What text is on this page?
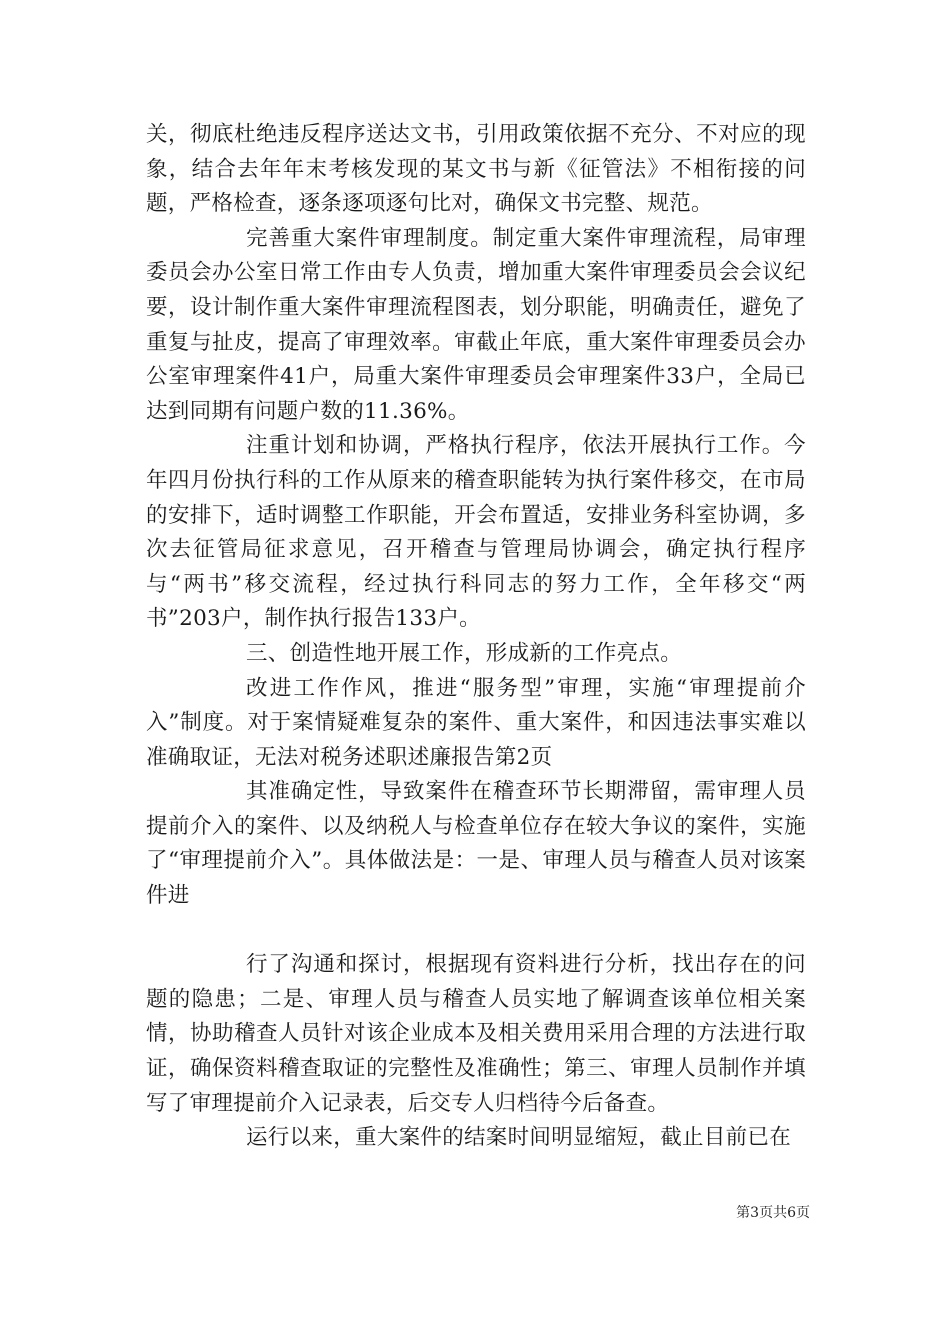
关，彻底杜绝违反程序送达文书，引用政策依据不充分、不对应的现象，结合去年年末考核发现的某文书与新《征管法》不相衔接的问题，严格检查，逐条逐项逐句比对，确保文书完整、规范。

完善重大案件审理制度。制定重大案件审理流程，局审理委员会办公室日常工作由专人负责，增加重大案件审理委员会会议纪要，设计制作重大案件审理流程图表，划分职能，明确责任，避免了重复与扯皮，提高了审理效率。审截止年底，重大案件审理委员会办公室审理案件41户，局重大案件审理委员会审理案件33户，全局已达到同期有问题户数的11.36%。

注重计划和协调，严格执行程序，依法开展执行工作。今年四月份执行科的工作从原来的稽查职能转为执行案件移交，在市局的安排下，适时调整工作职能，开会布置适，安排业务科室协调，多次去征管局征求意见，召开稽查与管理局协调会，确定执行程序与“两书”移交流程，经过执行科同志的努力工作，全年移交“两书”203户，制作执行报告133户。

三、创造性地开展工作，形成新的工作亮点。

改进工作作风，推进“服务型”审理，实施“审理提前介入”制度。对于案情疑难复杂的案件、重大案件，和因违法事实难以准确取证，无法对税务述职述廉报告第2页

其准确定性，导致案件在稽查环节长期滞留，需审理人员提前介入的案件、以及纳税人与检查单位存在较大争议的案件，实施了“审理提前介入”。具体做法是：一是、审理人员与稽查人员对该案件进

行了沟通和探讨，根据现有资料进行分析，找出存在的问题的隐患；二是、审理人员与稽查人员实地了解调查该单位相关案情，协助稽查人员针对该企业成本及相关费用采用合理的方法进行取证，确保资料稽查取证的完整性及准确性；第三、审理人员制作并填写了审理提前介入记录表，后交专人归档待今后备查。

运行以来，重大案件的结案时间明显缩短，截止目前已在

第3页共6页
